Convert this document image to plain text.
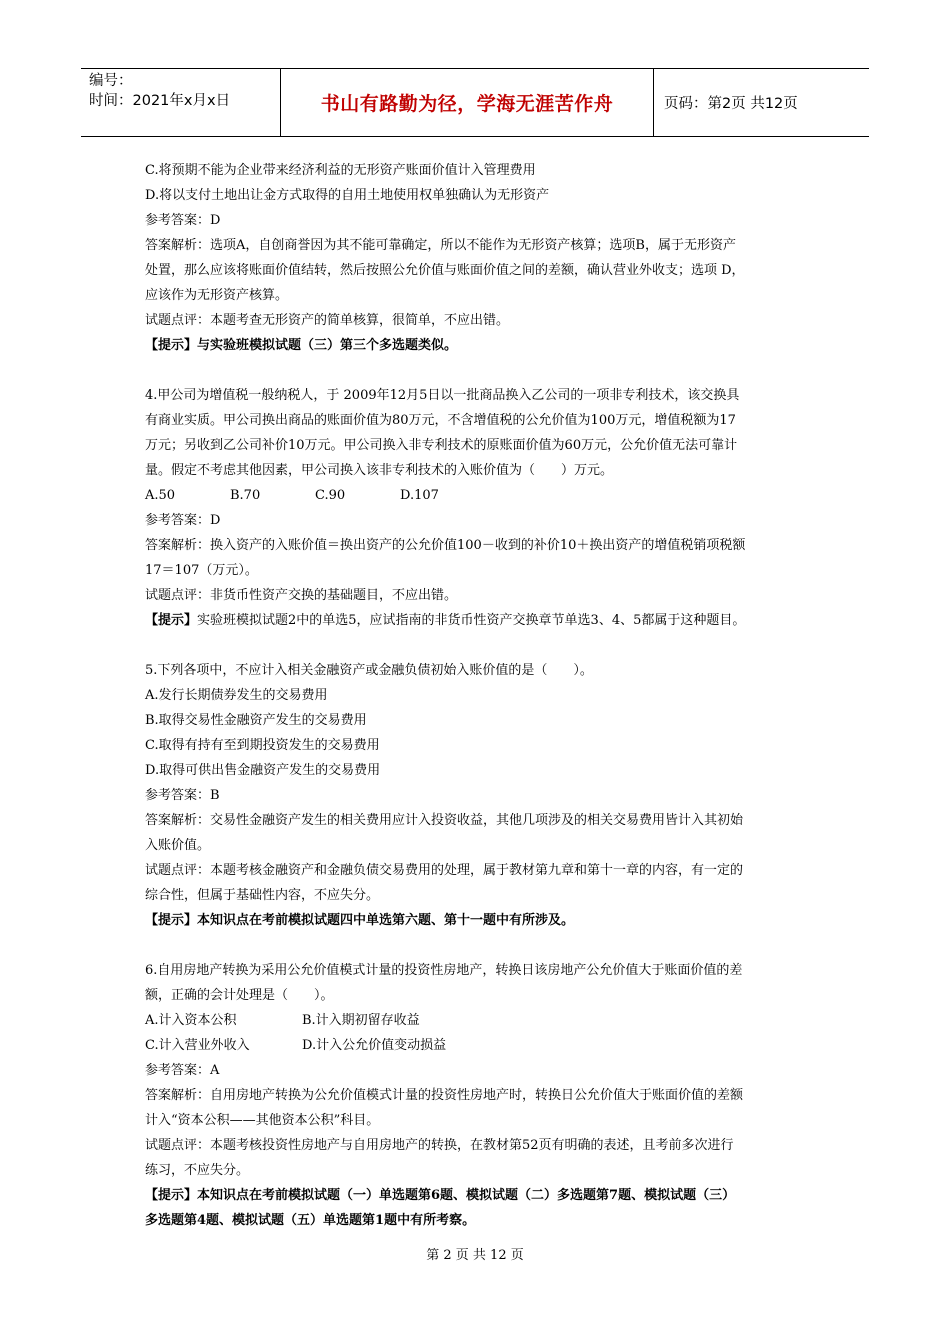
编号：
时间：2021年x月x日	书山有路勤为径，学海无涯苦作舟	页码：第2页 共12页

C.将预期不能为企业带来经济利益的无形资产账面价值计入管理费用

D.将以支付土地出让金方式取得的自用土地使用权单独确认为无形资产

参考答案：D

答案解析：选项A，自创商誉因为其不能可靠确定，所以不能作为无形资产核算；选项B，属于无形资产

处置，那么应该将账面价值结转，然后按照公允价值与账面价值之间的差额，确认营业外收支；选项 D，

应该作为无形资产核算。

试题点评：本题考查无形资产的简单核算，很简单，不应出错。

【提示】与实验班模拟试题（三）第三个多选题类似。

4.甲公司为增值税一般纳税人，于 2009年12月5日以一批商品换入乙公司的一项非专利技术，该交换具

有商业实质。甲公司换出商品的账面价值为80万元，不含增值税的公允价值为100万元，增值税额为17

万元；另收到乙公司补价10万元。甲公司换入非专利技术的原账面价值为60万元，公允价值无法可靠计

量。假定不考虑其他因素，甲公司换入该非专利技术的入账价值为（　　）万元。

A.50	B.70	C.90	D.107

参考答案：D

答案解析：换入资产的入账价值＝换出资产的公允价值100－收到的补价10＋换出资产的增值税销项税额

17＝107（万元）。

试题点评：非货币性资产交换的基础题目，不应出错。

【提示】实验班模拟试题2中的单选5，应试指南的非货币性资产交换章节单选3、4、5都属于这种题目。

5.下列各项中，不应计入相关金融资产或金融负债初始入账价值的是（　　）。

A.发行长期债券发生的交易费用

B.取得交易性金融资产发生的交易费用

C.取得有持有至到期投资发生的交易费用

D.取得可供出售金融资产发生的交易费用

参考答案：B

答案解析：交易性金融资产发生的相关费用应计入投资收益，其他几项涉及的相关交易费用皆计入其初始

入账价值。

试题点评：本题考核金融资产和金融负债交易费用的处理，属于教材第九章和第十一章的内容，有一定的

综合性，但属于基础性内容，不应失分。

【提示】本知识点在考前模拟试题四中单选第六题、第十一题中有所涉及。

6.自用房地产转换为采用公允价值模式计量的投资性房地产，转换日该房地产公允价值大于账面价值的差

额，正确的会计处理是（　　）。

A.计入资本公积	B.计入期初留存收益
C.计入营业外收入	D.计入公允价值变动损益

参考答案：A

答案解析：自用房地产转换为公允价值模式计量的投资性房地产时，转换日公允价值大于账面价值的差额

计入“资本公积——其他资本公积”科目。

试题点评：本题考核投资性房地产与自用房地产的转换，在教材第52页有明确的表述，且考前多次进行

练习，不应失分。

【提示】本知识点在考前模拟试题（一）单选题第6题、模拟试题（二）多选题第7题、模拟试题（三）

多选题第4题、模拟试题（五）单选题第1题中有所考察。

第 2 页 共 12 页
